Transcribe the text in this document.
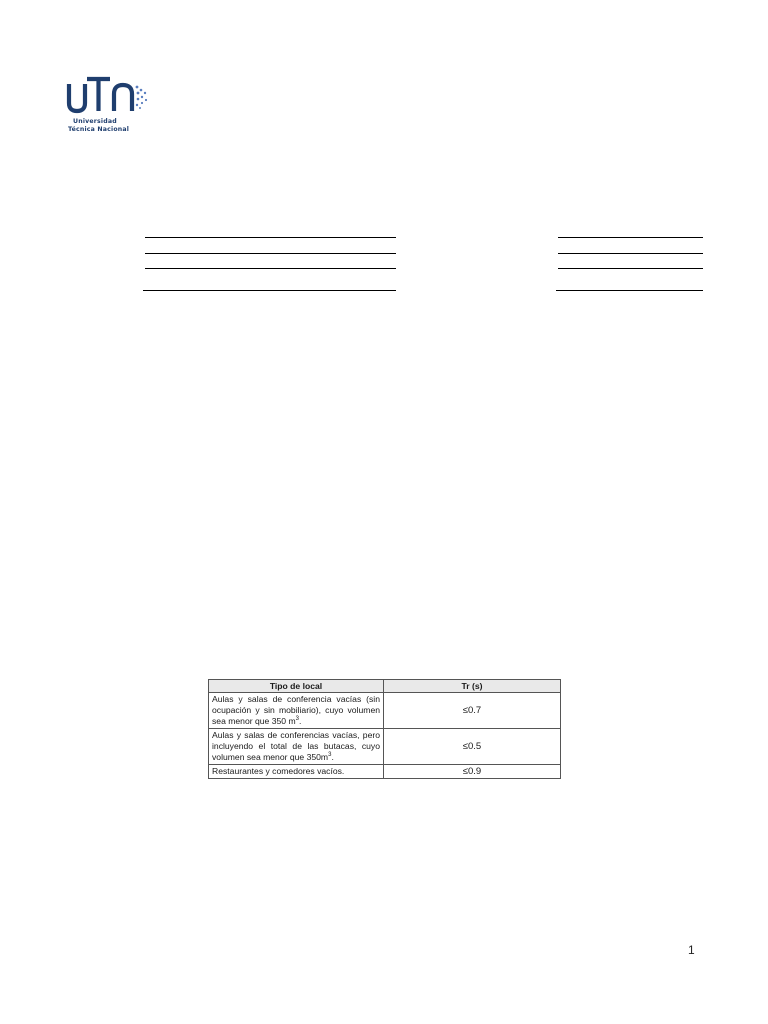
Universidad
Técnica Nacional
Tipo de local	Tr (s)
Aulas y salas de conferencia vacías (sin ocupación y sin mobiliario), cuyo volumen sea menor que 350 $m^3$.	≤0.7
Aulas y salas de conferencias vacías, pero incluyendo el total de las butacas, cuyo volumen sea menor que $350m^3$.	≤0.5
Restaurantes y comedores vacíos.	≤0.9
1
